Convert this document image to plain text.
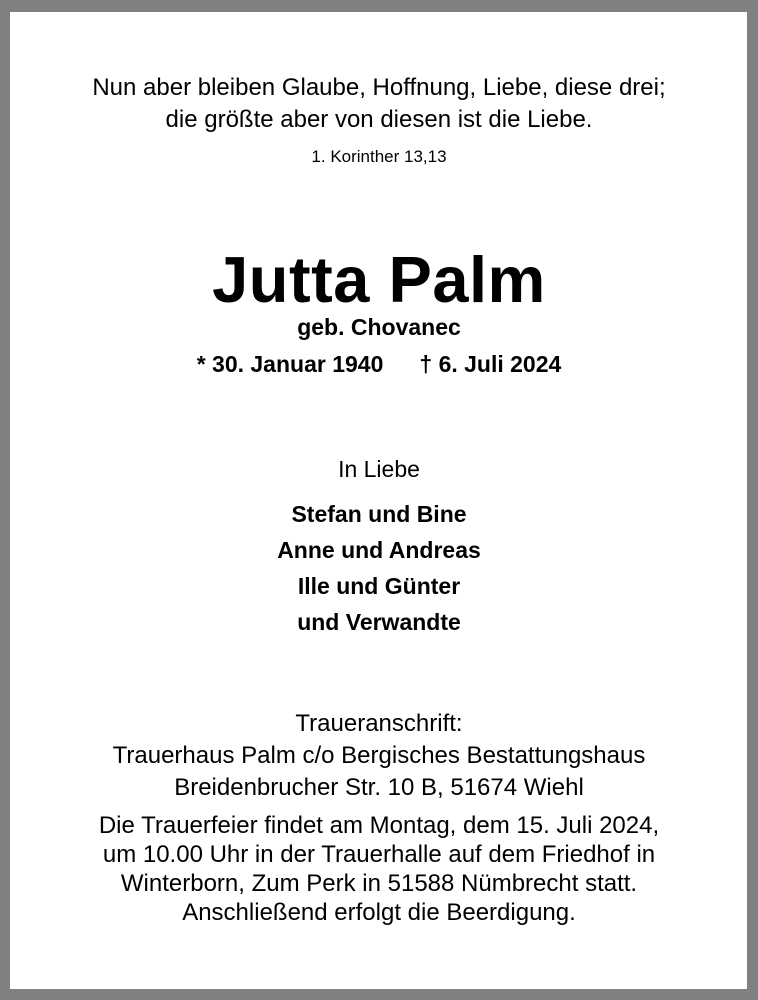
Nun aber bleiben Glaube, Hoffnung, Liebe, diese drei;
die größte aber von diesen ist die Liebe.
1. Korinther 13,13
Jutta Palm
geb. Chovanec
* 30. Januar 1940 † 6. Juli 2024
In Liebe
Stefan und Bine
Anne und Andreas
Ille und Günter
und Verwandte
Traueranschrift:
Trauerhaus Palm c/o Bergisches Bestattungshaus
Breidenbrucher Str. 10 B, 51674 Wiehl
Die Trauerfeier findet am Montag, dem 15. Juli 2024,
um 10.00 Uhr in der Trauerhalle auf dem Friedhof in
Winterborn, Zum Perk in 51588 Nümbrecht statt.
Anschließend erfolgt die Beerdigung.
